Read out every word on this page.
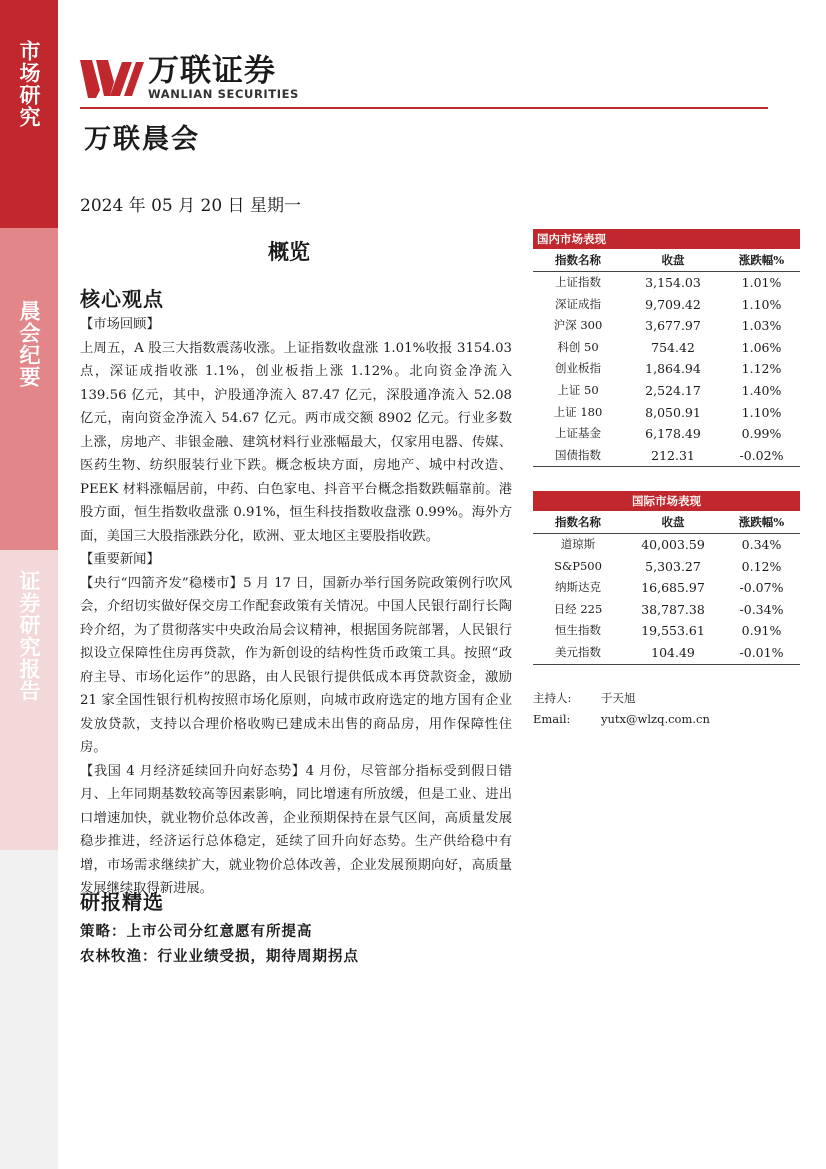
市场研究
晨会纪要
证券研究报告
万联证券
WANLIAN SECURITIES
万联晨会
2024 年 05 月 20 日 星期一
概览
核心观点

【市场回顾】

上周五，A 股三大指数震荡收涨。上证指数收盘涨 1.01%收报 3154.03 点，深证成指收涨 1.1%，创业板指上涨 1.12%。北向资金净流入 139.56 亿元，其中，沪股通净流入 87.47 亿元，深股通净流入 52.08 亿元，南向资金净流入 54.67 亿元。两市成交额 8902 亿元。行业多数上涨，房地产、非银金融、建筑材料行业涨幅最大，仅家用电器、传媒、医药生物、纺织服装行业下跌。概念板块方面，房地产、城中村改造、PEEK 材料涨幅居前，中药、白色家电、抖音平台概念指数跌幅靠前。港股方面，恒生指数收盘涨 0.91%，恒生科技指数收盘涨 0.99%。海外方面，美国三大股指涨跌分化，欧洲、亚太地区主要股指收跌。

【重要新闻】

【央行“四箭齐发”稳楼市】5 月 17 日，国新办举行国务院政策例行吹风会，介绍切实做好保交房工作配套政策有关情况。中国人民银行副行长陶玲介绍，为了贯彻落实中央政治局会议精神，根据国务院部署，人民银行拟设立保障性住房再贷款，作为新创设的结构性货币政策工具。按照“政府主导、市场化运作”的思路，由人民银行提供低成本再贷款资金，激励 21 家全国性银行机构按照市场化原则，向城市政府选定的地方国有企业发放贷款，支持以合理价格收购已建成未出售的商品房，用作保障性住房。

【我国 4 月经济延续回升向好态势】4 月份，尽管部分指标受到假日错月、上年同期基数较高等因素影响，同比增速有所放缓，但是工业、进出口增速加快，就业物价总体改善，企业预期保持在景气区间，高质量发展稳步推进，经济运行总体稳定，延续了回升向好态势。生产供给稳中有增，市场需求继续扩大，就业物价总体改善，企业发展预期向好，高质量发展继续取得新进展。

研报精选
策略：上市公司分红意愿有所提高
农林牧渔：行业业绩受损，期待周期拐点
国内市场表现
指数名称	收盘	涨跌幅%
上证指数	3,154.03	1.01%
深证成指	9,709.42	1.10%
沪深 300	3,677.97	1.03%
科创 50	754.42	1.06%
创业板指	1,864.94	1.12%
上证 50	2,524.17	1.40%
上证 180	8,050.91	1.10%
上证基金	6,178.49	0.99%
国债指数	212.31	-0.02%
国际市场表现
指数名称	收盘	涨跌幅%
道琼斯	40,003.59	0.34%
S&P500	5,303.27	0.12%
纳斯达克	16,685.97	-0.07%
日经 225	38,787.38	-0.34%
恒生指数	19,553.61	0.91%
美元指数	104.49	-0.01%
主持人:	于天旭
Email:	yutx@wlzq.com.cn
